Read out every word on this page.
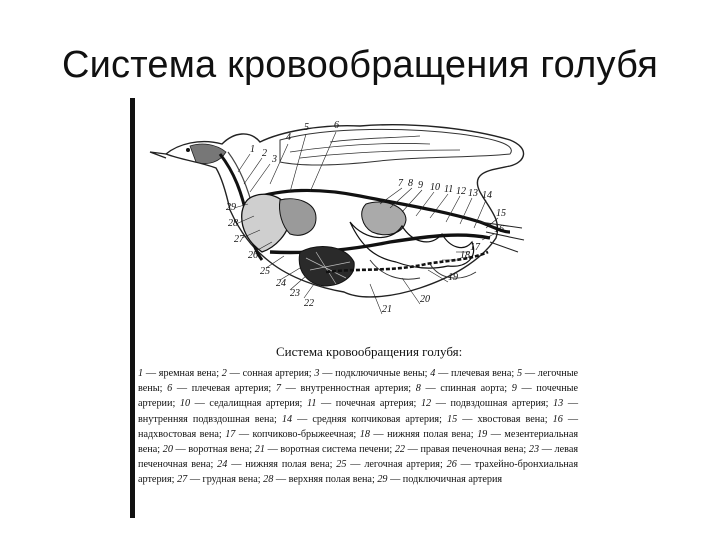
Система кровообращения голубя
1 2
3
4
5	6
7 8 9 10 11 12 13 14
15
16
17
18
19
20
21
22
23
24
25
26
27
28
29
Система кровообращения голубя:
1 — яремная вена; 2 — сонная артерия; 3 — подключичные вены; 4 — плечевая вена; 5 — легочные вены; 6 — плечевая артерия; 7 — внутренностная артерия; 8 — спинная аорта; 9 — почечные артерии; 10 — седалищная артерия; 11 — почечная артерия; 12 — подвздошная артерия; 13 — внутренняя подвздошная вена; 14 — средняя копчиковая артерия; 15 — хвостовая вена; 16 — надхвостовая вена; 17 — копчиково-брыжеечная; 18 — нижняя полая вена; 19 — мезентериальная вена; 20 — воротная вена; 21 — воротная система печени; 22 — правая печеночная вена; 23 — левая печеночная вена; 24 — нижняя полая вена; 25 — легочная артерия; 26 — трахейно-бронхиальная артерия; 27 — грудная вена; 28 — верхняя полая вена; 29 — подключичная артерия
